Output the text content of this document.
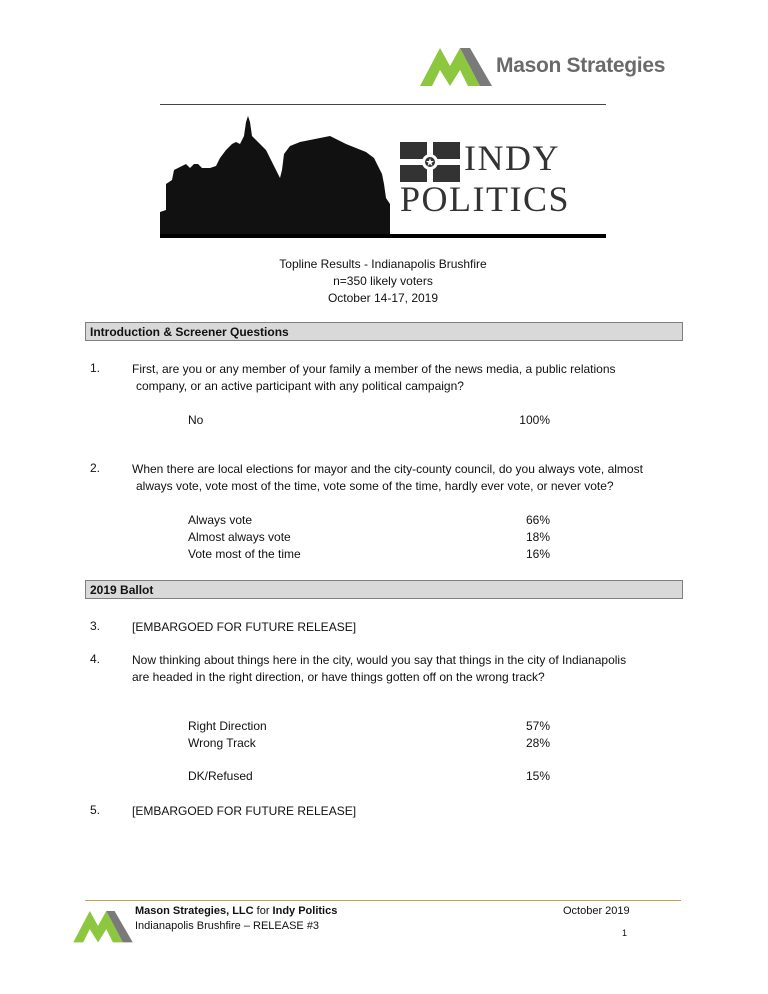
Mason Strategies
INDY
POLITICS
Topline Results - Indianapolis Brushfire
n=350 likely voters
October 14-17, 2019
Introduction & Screener Questions
1.	First, are you or any member of your family a member of the news media, a public relations
company, or an active participant with any political campaign?
No	100%
2.	When there are local elections for mayor and the city-county council, do you always vote, almost
always vote, vote most of the time, vote some of the time, hardly ever vote, or never vote?
Always vote	66%
Almost always vote	18%
Vote most of the time	16%
2019 Ballot
3.	[EMBARGOED FOR FUTURE RELEASE]
4.	Now thinking about things here in the city, would you say that things in the city of Indianapolis
are headed in the right direction, or have things gotten off on the wrong track?
Right Direction	57%
Wrong Track	28%
DK/Refused	15%
5.	[EMBARGOED FOR FUTURE RELEASE]
Mason Strategies, LLC for Indy Politics
Indianapolis Brushfire – RELEASE #3
October 2019
1
